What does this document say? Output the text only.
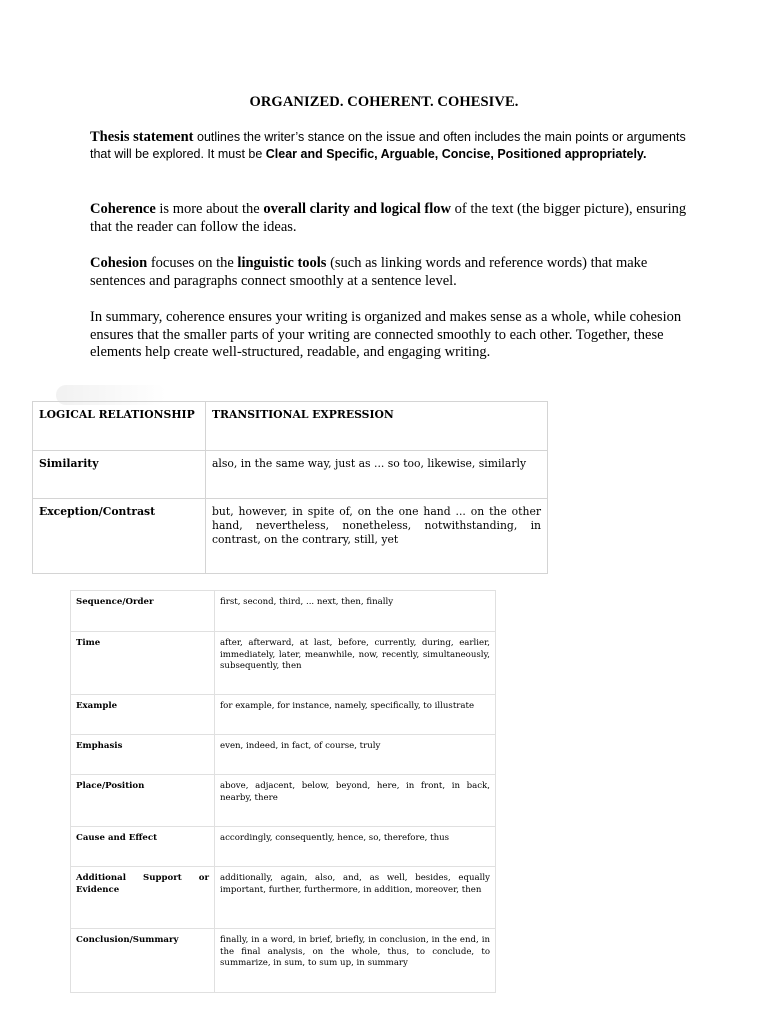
ORGANIZED. COHERENT. COHESIVE.
Thesis statement outlines the writer’s stance on the issue and often includes the main points or arguments that will be explored. It must be Clear and Specific, Arguable, Concise, Positioned appropriately.
Coherence is more about the overall clarity and logical flow of the text (the bigger picture), ensuring that the reader can follow the ideas.
Cohesion focuses on the linguistic tools (such as linking words and reference words) that make sentences and paragraphs connect smoothly at a sentence level.
In summary, coherence ensures your writing is organized and makes sense as a whole, while cohesion ensures that the smaller parts of your writing are connected smoothly to each other. Together, these elements help create well-structured, readable, and engaging writing.
LOGICAL RELATIONSHIP	TRANSITIONAL EXPRESSION
Similarity	also, in the same way, just as ... so too, likewise, similarly
Exception/Contrast	but, however, in spite of, on the one hand ... on the other hand, nevertheless, nonetheless, notwithstanding, in contrast, on the contrary, still, yet
Sequence/Order	first, second, third, ... next, then, finally
Time	after, afterward, at last, before, currently, during, earlier, immediately, later, meanwhile, now, recently, simultaneously, subsequently, then
Example	for example, for instance, namely, specifically, to illustrate
Emphasis	even, indeed, in fact, of course, truly
Place/Position	above, adjacent, below, beyond, here, in front, in back, nearby, there
Cause and Effect	accordingly, consequently, hence, so, therefore, thus
Additional Support or Evidence	additionally, again, also, and, as well, besides, equally important, further, furthermore, in addition, moreover, then
Conclusion/Summary	finally, in a word, in brief, briefly, in conclusion, in the end, in the final analysis, on the whole, thus, to conclude, to summarize, in sum, to sum up, in summary
